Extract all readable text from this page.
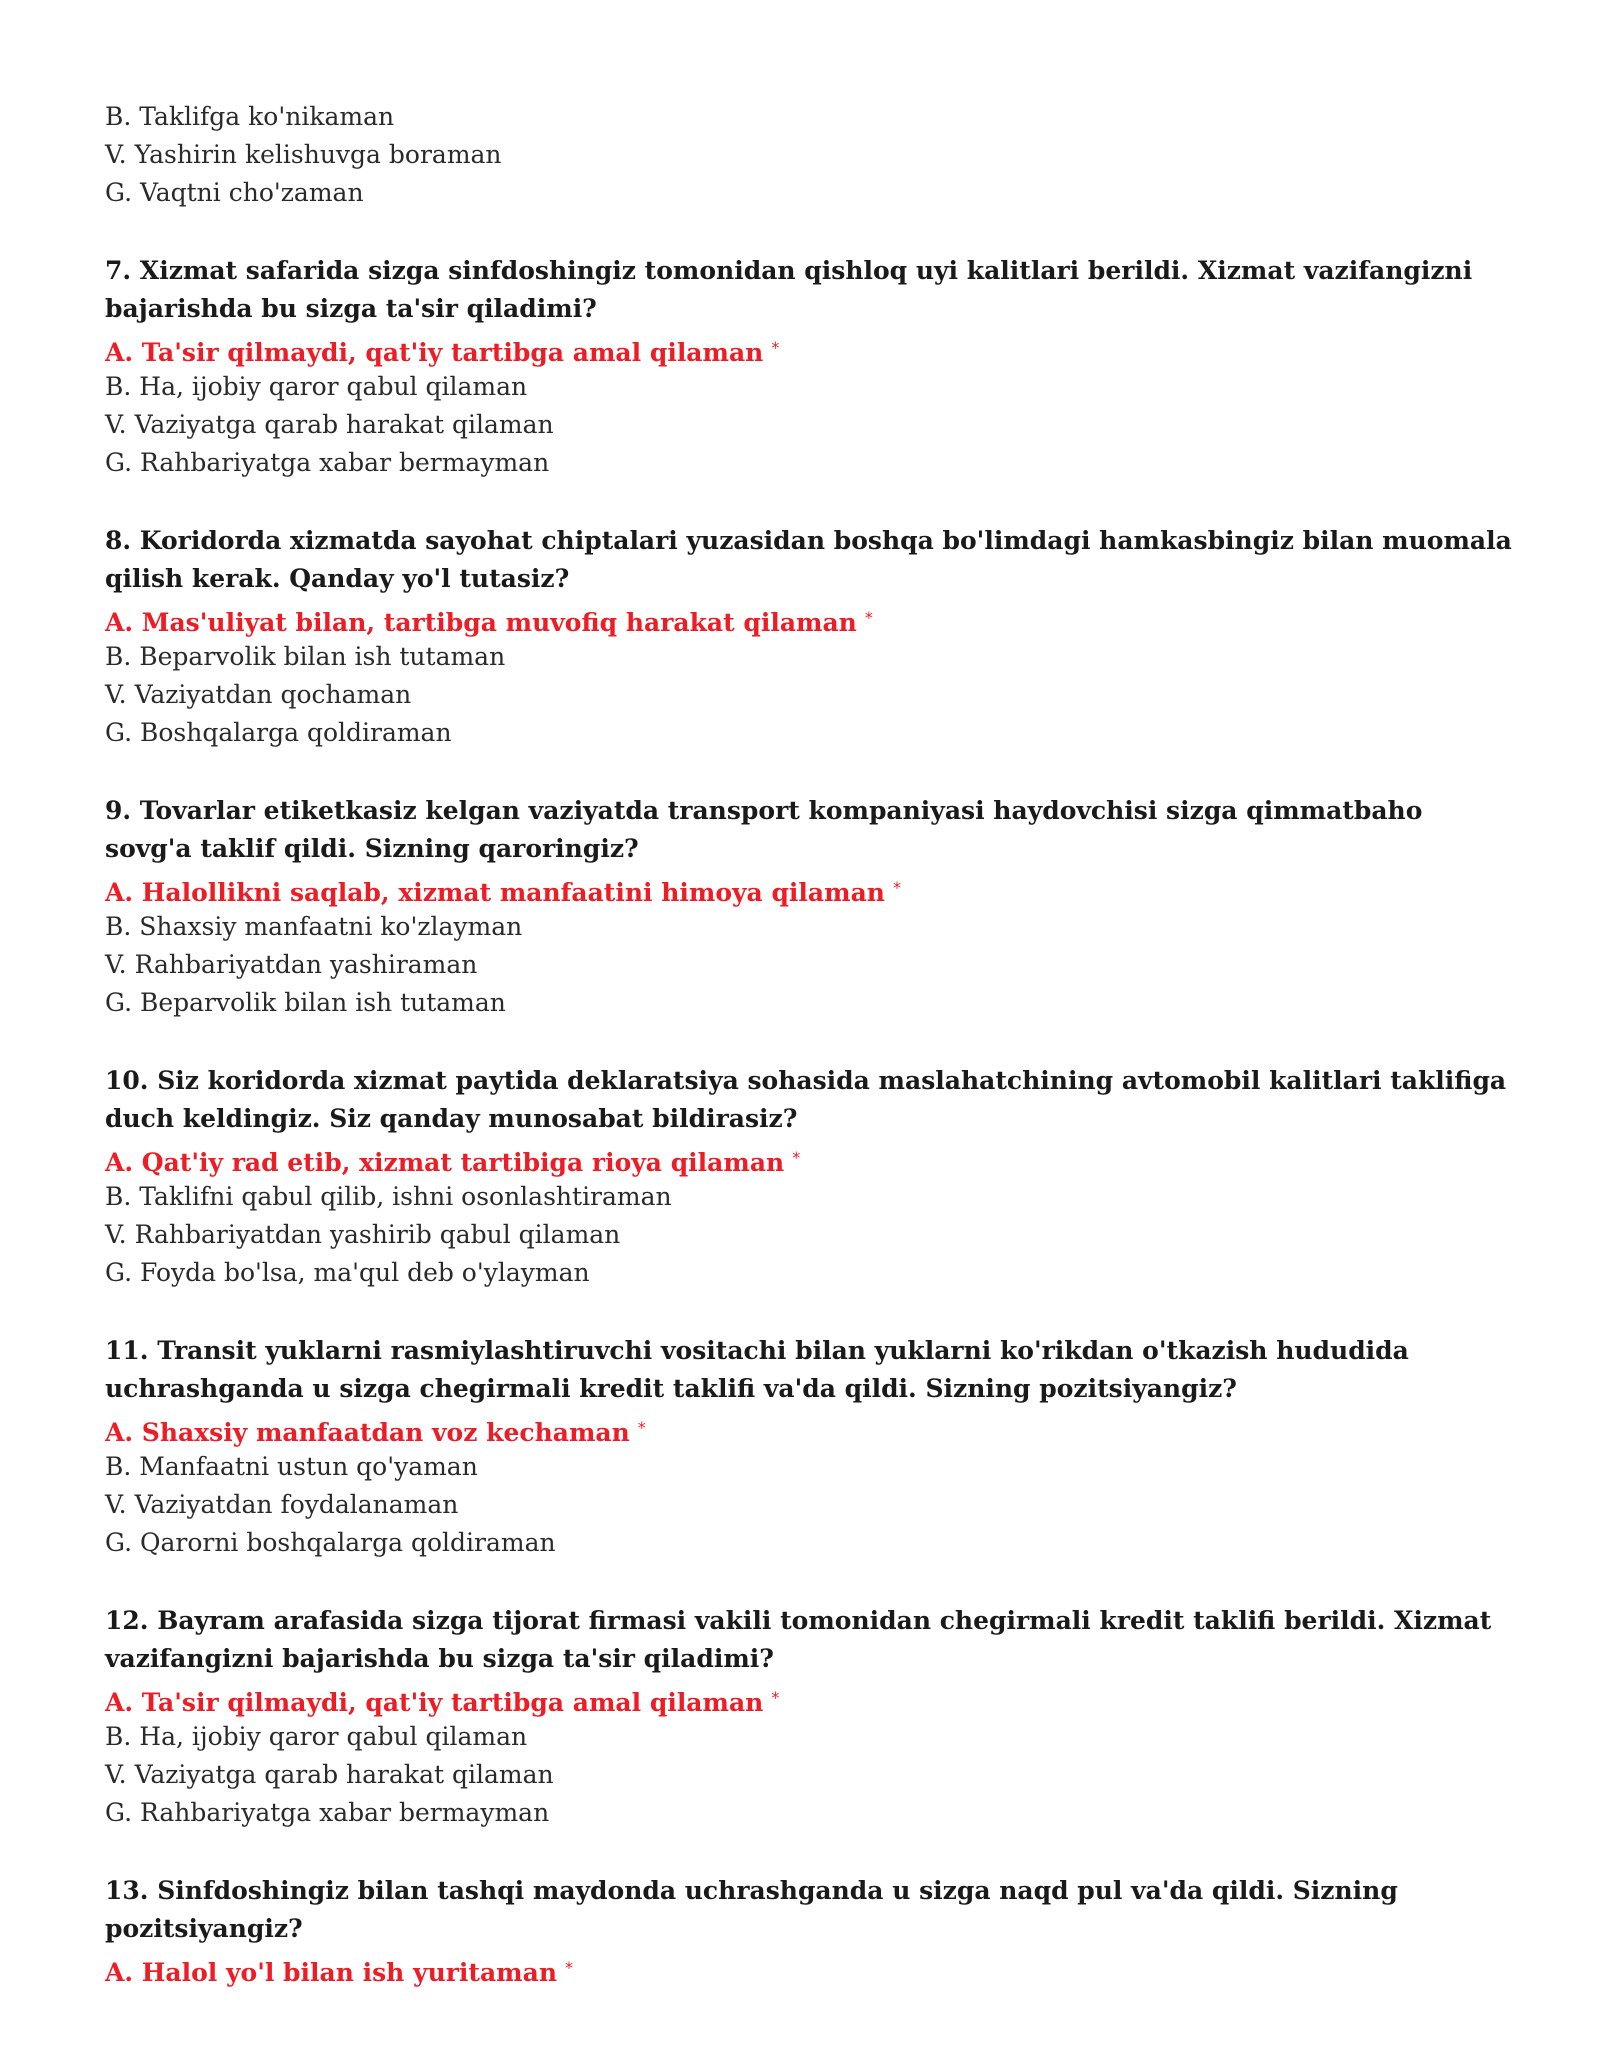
B. Taklifga ko'nikaman
V. Yashirin kelishuvga boraman
G. Vaqtni cho'zaman
7. Xizmat safarida sizga sinfdoshingiz tomonidan qishloq uyi kalitlari berildi. Xizmat vazifangizni bajarishda bu sizga ta'sir qiladimi?
A. Ta'sir qilmaydi, qat'iy tartibga amal qilaman *
B. Ha, ijobiy qaror qabul qilaman
V. Vaziyatga qarab harakat qilaman
G. Rahbariyatga xabar bermayman
8. Koridorda xizmatda sayohat chiptalari yuzasidan boshqa bo'limdagi hamkasbingiz bilan muomala qilish kerak. Qanday yo'l tutasiz?
A. Mas'uliyat bilan, tartibga muvofiq harakat qilaman *
B. Beparvolik bilan ish tutaman
V. Vaziyatdan qochaman
G. Boshqalarga qoldiraman
9. Tovarlar etiketkasiz kelgan vaziyatda transport kompaniyasi haydovchisi sizga qimmatbaho sovg'a taklif qildi. Sizning qaroringiz?
A. Halollikni saqlab, xizmat manfaatini himoya qilaman *
B. Shaxsiy manfaatni ko'zlayman
V. Rahbariyatdan yashiraman
G. Beparvolik bilan ish tutaman
10. Siz koridorda xizmat paytida deklaratsiya sohasida maslahatchining avtomobil kalitlari taklifiga duch keldingiz. Siz qanday munosabat bildirasiz?
A. Qat'iy rad etib, xizmat tartibiga rioya qilaman *
B. Taklifni qabul qilib, ishni osonlashtiraman
V. Rahbariyatdan yashirib qabul qilaman
G. Foyda bo'lsa, ma'qul deb o'ylayman
11. Transit yuklarni rasmiylashtiruvchi vositachi bilan yuklarni ko'rikdan o'tkazish hududida uchrashganda u sizga chegirmali kredit taklifi va'da qildi. Sizning pozitsiyangiz?
A. Shaxsiy manfaatdan voz kechaman *
B. Manfaatni ustun qo'yaman
V. Vaziyatdan foydalanaman
G. Qarorni boshqalarga qoldiraman
12. Bayram arafasida sizga tijorat firmasi vakili tomonidan chegirmali kredit taklifi berildi. Xizmat vazifangizni bajarishda bu sizga ta'sir qiladimi?
A. Ta'sir qilmaydi, qat'iy tartibga amal qilaman *
B. Ha, ijobiy qaror qabul qilaman
V. Vaziyatga qarab harakat qilaman
G. Rahbariyatga xabar bermayman
13. Sinfdoshingiz bilan tashqi maydonda uchrashganda u sizga naqd pul va'da qildi. Sizning pozitsiyangiz?
A. Halol yo'l bilan ish yuritaman *
